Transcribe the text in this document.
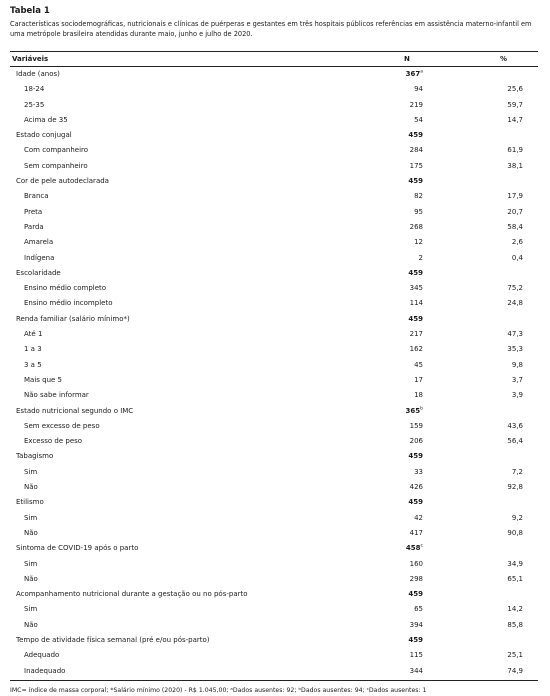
Tabela 1
Características sociodemográficas, nutricionais e clínicas de puérperas e gestantes em três hospitais públicos referências em assistência materno-infantil em uma metrópole brasileira atendidas durante maio, junho e julho de 2020.
Variáveis	N	%
Idade (anos)	367$^a$
18-24	94	25,6
25-35	219	59,7
Acima de 35	54	14,7
Estado conjugal	459
Com companheiro	284	61,9
Sem companheiro	175	38,1
Cor de pele autodeclarada	459
Branca	82	17,9
Preta	95	20,7
Parda	268	58,4
Amarela	12	2,6
Indígena	2	0,4
Escolaridade	459
Ensino médio completo	345	75,2
Ensino médio incompleto	114	24,8
Renda familiar (salário mínimo*)	459
Até 1	217	47,3
1 a 3	162	35,3
3 a 5	45	9,8
Mais que 5	17	3,7
Não sabe informar	18	3,9
Estado nutricional segundo o IMC	365$^b$
Sem excesso de peso	159	43,6
Excesso de peso	206	56,4
Tabagismo	459
Sim	33	7,2
Não	426	92,8
Etilismo	459
Sim	42	9,2
Não	417	90,8
Sintoma de COVID-19 após o parto	458$^c$
Sim	160	34,9
Não	298	65,1
Acompanhamento nutricional durante a gestação ou no pós-parto	459
Sim	65	14,2
Não	394	85,8
Tempo de atividade física semanal (pré e/ou pós-parto)	459
Adequado	115	25,1
Inadequado	344	74,9
IMC= índice de massa corporal; *Salário mínimo (2020) - R$ 1.045,00; ᵃDados ausentes: 92; ᵇDados ausentes: 94; ᶜDados ausentes: 1
